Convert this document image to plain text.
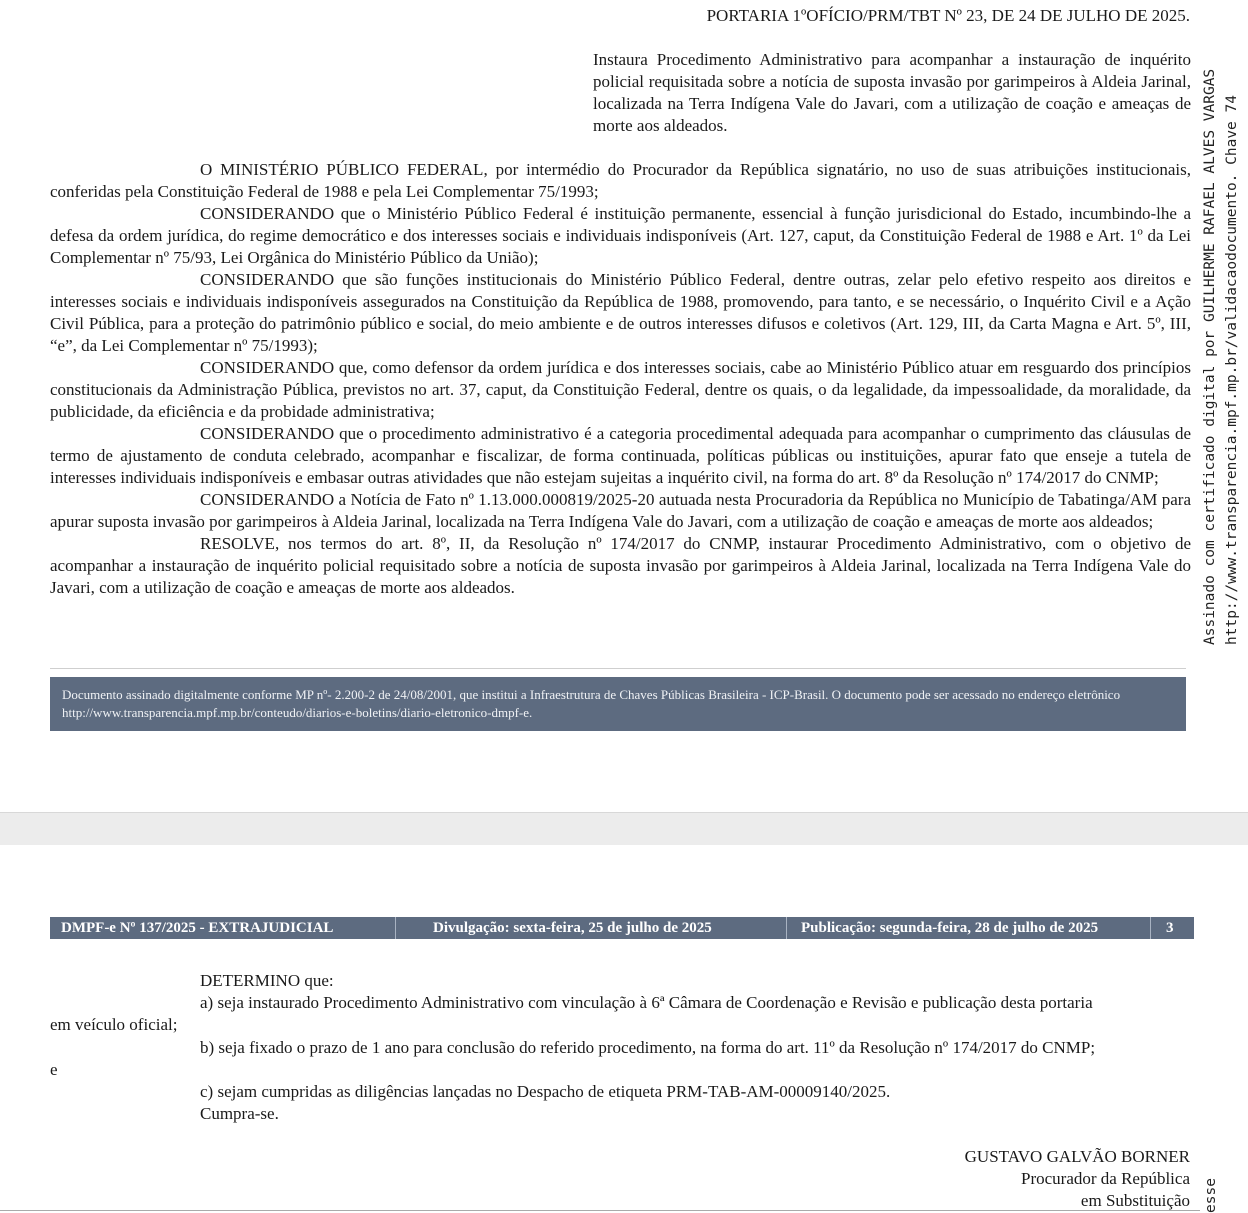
PORTARIA 1ºOFÍCIO/PRM/TBT Nº 23, DE 24 DE JULHO DE 2025.
Instaura Procedimento Administrativo para acompanhar a instauração de inquérito policial requisitada sobre a notícia de suposta invasão por garimpeiros à Aldeia Jarinal, localizada na Terra Indígena Vale do Javari, com a utilização de coação e ameaças de morte aos aldeados.

O MINISTÉRIO PÚBLICO FEDERAL, por intermédio do Procurador da República signatário, no uso de suas atribuições institucionais, conferidas pela Constituição Federal de 1988 e pela Lei Complementar 75/1993;

CONSIDERANDO que o Ministério Público Federal é instituição permanente, essencial à função jurisdicional do Estado, incumbindo-lhe a defesa da ordem jurídica, do regime democrático e dos interesses sociais e individuais indisponíveis (Art. 127, caput, da Constituição Federal de 1988 e Art. 1º da Lei Complementar nº 75/93, Lei Orgânica do Ministério Público da União);

CONSIDERANDO que são funções institucionais do Ministério Público Federal, dentre outras, zelar pelo efetivo respeito aos direitos e interesses sociais e individuais indisponíveis assegurados na Constituição da República de 1988, promovendo, para tanto, e se necessário, o Inquérito Civil e a Ação Civil Pública, para a proteção do patrimônio público e social, do meio ambiente e de outros interesses difusos e coletivos (Art. 129, III, da Carta Magna e Art. 5º, III, “e”, da Lei Complementar nº 75/1993);

CONSIDERANDO que, como defensor da ordem jurídica e dos interesses sociais, cabe ao Ministério Público atuar em resguardo dos princípios constitucionais da Administração Pública, previstos no art. 37, caput, da Constituição Federal, dentre os quais, o da legalidade, da impessoalidade, da moralidade, da publicidade, da eficiência e da probidade administrativa;

CONSIDERANDO que o procedimento administrativo é a categoria procedimental adequada para acompanhar o cumprimento das cláusulas de termo de ajustamento de conduta celebrado, acompanhar e fiscalizar, de forma continuada, políticas públicas ou instituições, apurar fato que enseje a tutela de interesses individuais indisponíveis e embasar outras atividades que não estejam sujeitas a inquérito civil, na forma do art. 8º da Resolução nº 174/2017 do CNMP;

CONSIDERANDO a Notícia de Fato nº 1.13.000.000819/2025-20 autuada nesta Procuradoria da República no Município de Tabatinga/AM para apurar suposta invasão por garimpeiros à Aldeia Jarinal, localizada na Terra Indígena Vale do Javari, com a utilização de coação e ameaças de morte aos aldeados;

RESOLVE, nos termos do art. 8º, II, da Resolução nº 174/2017 do CNMP, instaurar Procedimento Administrativo, com o objetivo de acompanhar a instauração de inquérito policial requisitado sobre a notícia de suposta invasão por garimpeiros à Aldeia Jarinal, localizada na Terra Indígena Vale do Javari, com a utilização de coação e ameaças de morte aos aldeados.

Documento assinado digitalmente conforme MP nº- 2.200-2 de 24/08/2001, que institui a Infraestrutura de Chaves Públicas Brasileira - ICP-Brasil. O documento pode ser acessado no endereço eletrônico http://www.transparencia.mpf.mp.br/conteudo/diarios-e-boletins/diario-eletronico-dmpf-e.
Assinado com certificado digital por GUILHERME RAFAEL ALVES VARGAS http://www.transparencia.mpf.mp.br/validacaodocumento. Chave 74
DMPF-e Nº 137/2025 - EXTRAJUDICIAL	Divulgação: sexta-feira, 25 de julho de 2025	Publicação: segunda-feira, 28 de julho de 2025	3
DETERMINO que:
a) seja instaurado Procedimento Administrativo com vinculação à 6ª Câmara de Coordenação e Revisão e publicação desta portaria
em veículo oficial;
b) seja fixado o prazo de 1 ano para conclusão do referido procedimento, na forma do art. 11º da Resolução nº 174/2017 do CNMP;
e
c) sejam cumpridas as diligências lançadas no Despacho de etiqueta PRM-TAB-AM-00009140/2025.
Cumpra-se.
GUSTAVO GALVÃO BORNER
Procurador da República
em Substituição esse
